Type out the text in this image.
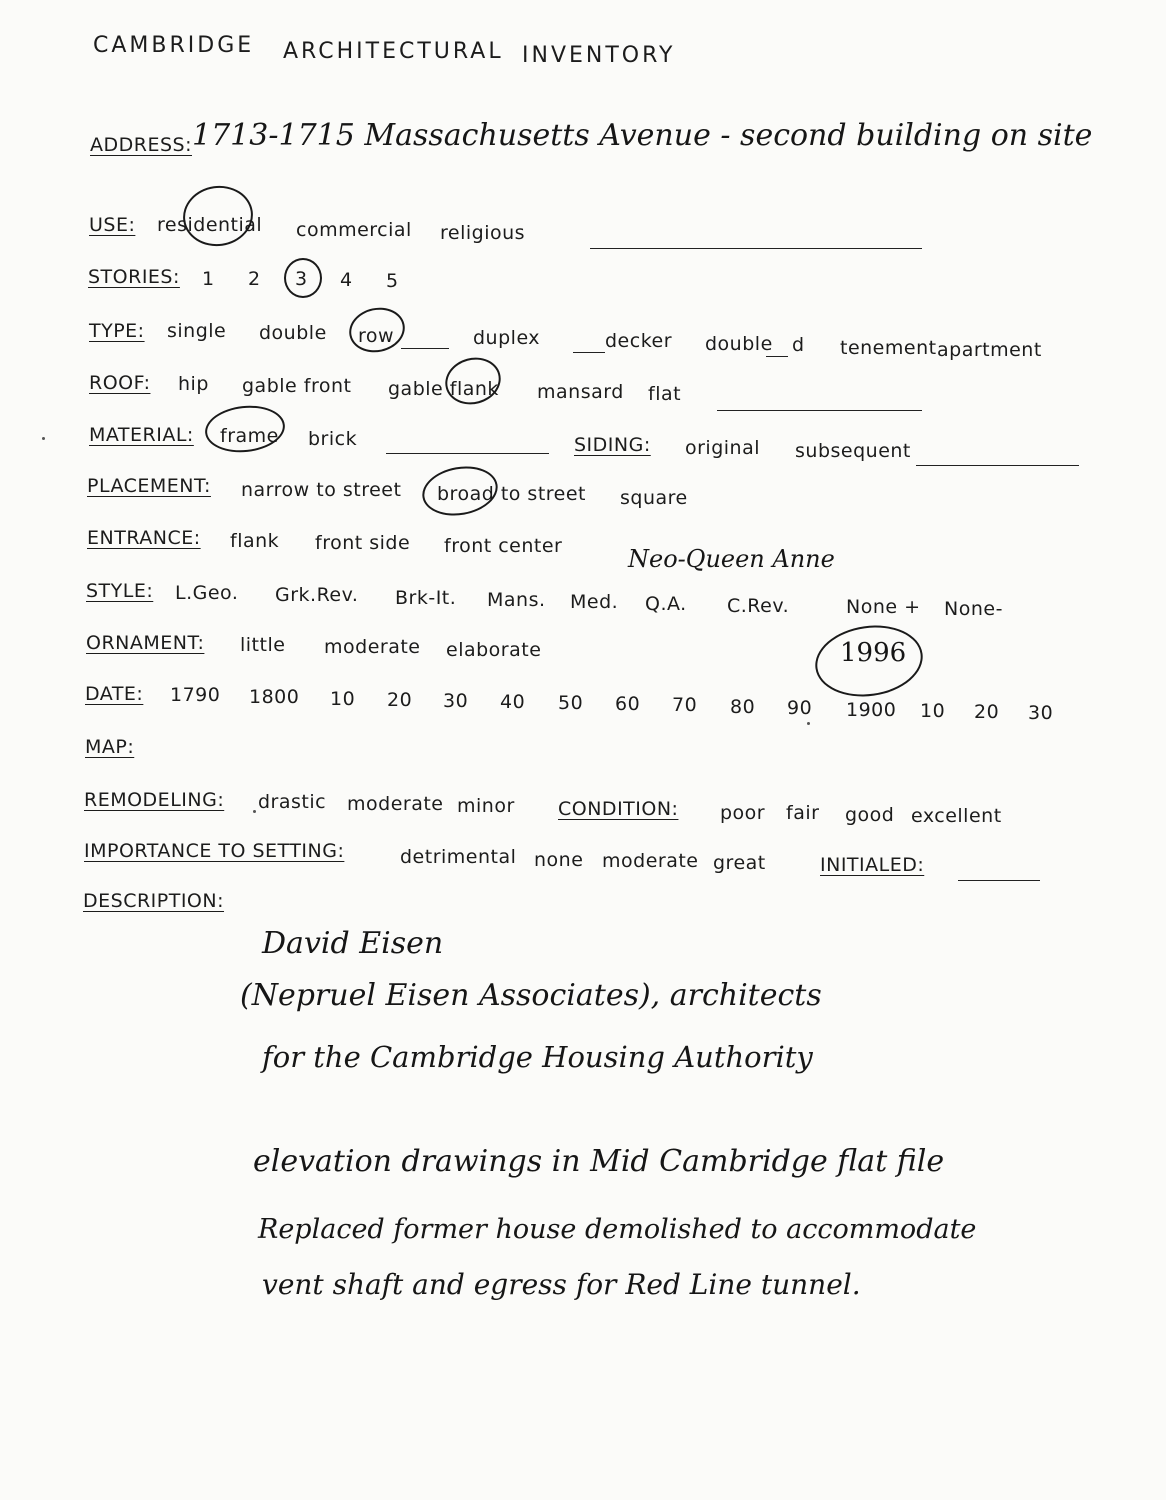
CAMBRIDGE ARCHITECTURAL INVENTORY
ADDRESS: 1713-1715 Massachusetts Avenue - second building on site
USE: residential commercial religious
STORIES: 1 2 3 4 5
TYPE: single double row	duplex	decker double d tenement apartment
ROOF: hip gable front gable flank mansard flat
MATERIAL: frame brick	SIDING: original subsequent
PLACEMENT: narrow to street broad to street square
ENTRANCE: flank front side front center	Neo-Queen Anne
STYLE: L.Geo. Grk.Rev. Brk-It. Mans. Med. Q.A. C.Rev.	None + None-
ORNAMENT: little moderate elaborate	1996
DATE: 1790 1800 10 20 30 40 50 60 70 80 90 1900 10 20 30
MAP:
REMODELING: drastic moderate minor CONDITION: poor fair good excellent
IMPORTANCE TO SETTING:	detrimental none moderate great	INITIALED:
DESCRIPTION:
David Eisen
(Nepruel Eisen Associates), architects
for the Cambridge Housing Authority
elevation drawings in Mid Cambridge flat file
Replaced former house demolished to accommodate
vent shaft and egress for Red Line tunnel.
